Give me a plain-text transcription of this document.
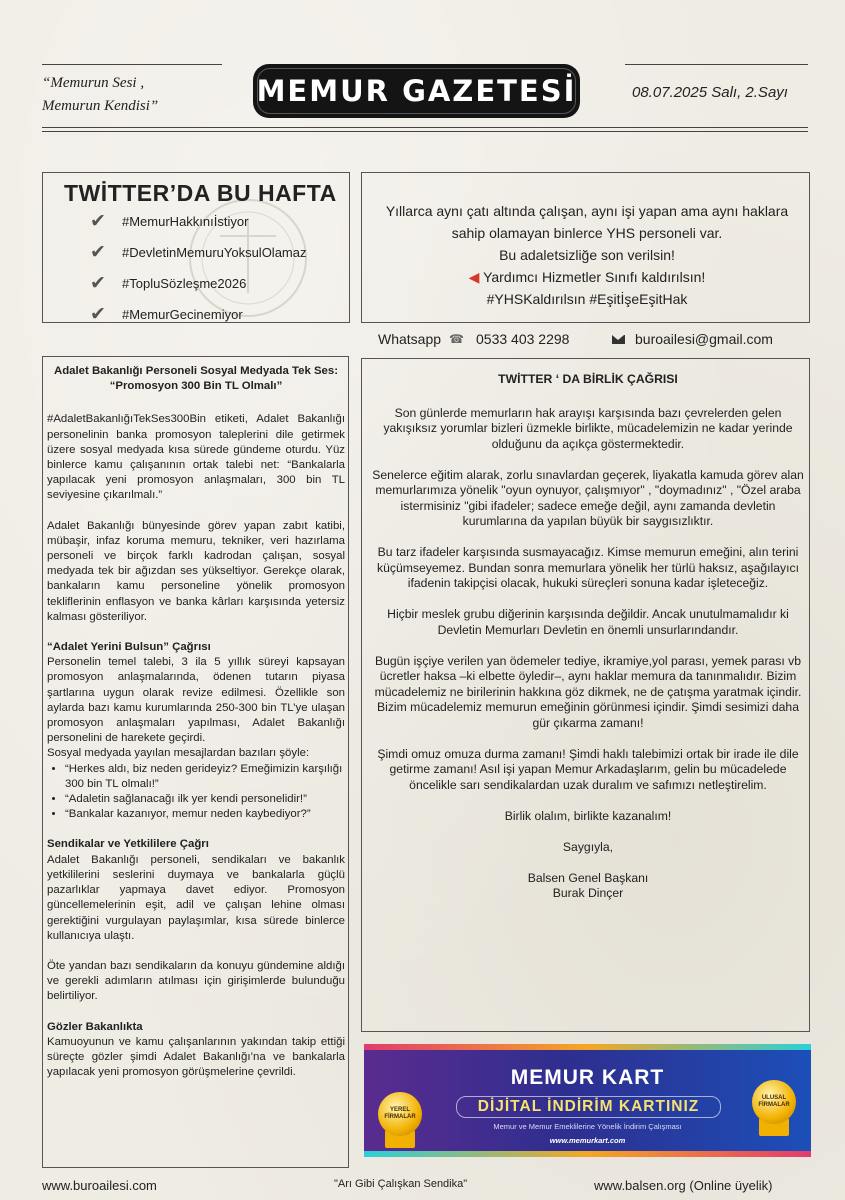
“Memurun Sesi ,
Memurun Kendisi”	MEMUR GAZETESİ	08.07.2025 Salı, 2.Sayı
TWİTTER’DA BU HAFTA
✔	#MemurHakkınıİstiyor
✔	#DevletinMemuruYoksulOlamaz
✔	#TopluSözleşme2026
✔	#MemurGecinemiyor
Yıllarca aynı çatı altında çalışan, aynı işi yapan ama aynı haklara
sahip olamayan binlerce YHS personeli var.
Bu adaletsizliğe son verilsin!
◀ Yardımcı Hizmetler Sınıfı kaldırılsın!
#YHSKaldırılsın #EşitİşeEşitHak
Whatsapp ☎ 0533 403 2298	buroailesi@gmail.com
Adalet Bakanlığı Personeli Sosyal Medyada Tek Ses: “Promosyon 300 Bin TL Olmalı”

#AdaletBakanlığıTekSes300Bin etiketi, Adalet Bakanlığı personelinin banka promosyon taleplerini dile getirmek üzere sosyal medyada kısa sürede gündeme oturdu. Yüz binlerce kamu çalışanının ortak talebi net: “Bankalarla yapılacak yeni promosyon anlaşmaları, 300 bin TL seviyesine çıkarılmalı.”

Adalet Bakanlığı bünyesinde görev yapan zabıt katibi, mübaşir, infaz koruma memuru, tekniker, veri hazırlama personeli ve birçok farklı kadrodan çalışan, sosyal medyada tek bir ağızdan ses yükseltiyor. Gerekçe olarak, bankaların kamu personeline yönelik promosyon tekliflerinin enflasyon ve banka kârları karşısında yetersiz kalması gösteriliyor.

“Adalet Yerini Bulsun” Çağrısı

Personelin temel talebi, 3 ila 5 yıllık süreyi kapsayan promosyon anlaşmalarında, ödenen tutarın piyasa şartlarına uygun olarak revize edilmesi. Özellikle son aylarda bazı kamu kurumlarında 250-300 bin TL’ye ulaşan promosyon anlaşmaları yapılması, Adalet Bakanlığı personelini de harekete geçirdi.

Sosyal medyada yayılan mesajlardan bazıları şöyle:
• “Herkes aldı, biz neden gerideyiz? Emeğimizin karşılığı 300 bin TL olmalı!”
• “Adaletin sağlanacağı ilk yer kendi personelidir!”
• “Bankalar kazanıyor, memur neden kaybediyor?”
Sendikalar ve Yetkililere Çağrı

Adalet Bakanlığı personeli, sendikaları ve bakanlık yetkililerini seslerini duymaya ve bankalarla güçlü pazarlıklar yapmaya davet ediyor. Promosyon güncellemelerinin eşit, adil ve çalışan lehine olması gerektiğini vurgulayan paylaşımlar, kısa sürede binlerce kullanıcıya ulaştı.

Öte yandan bazı sendikaların da konuyu gündemine aldığı ve gerekli adımların atılması için girişimlerde bulunduğu belirtiliyor.

Gözler Bakanlıkta

Kamuoyunun ve kamu çalışanlarının yakından takip ettiği süreçte gözler şimdi Adalet Bakanlığı’na ve bankalarla yapılacak yeni promosyon görüşmelerine çevrildi.

TWİTTER ‘ DA BİRLİK ÇAĞRISI

Son günlerde memurların hak arayışı karşısında bazı çevrelerden gelen yakışıksız yorumlar bizleri üzmekle birlikte, mücadelemizin ne kadar yerinde olduğunu da açıkça göstermektedir.

Senelerce eğitim alarak, zorlu sınavlardan geçerek, liyakatla kamuda görev alan memurlarımıza yönelik "oyun oynuyor, çalışmıyor" , "doymadınız" , "Özel araba istermisiniz "gibi ifadeler; sadece emeğe değil, aynı zamanda devletin kurumlarına da yapılan büyük bir saygısızlıktır.

Bu tarz ifadeler karşısında susmayacağız. Kimse memurun emeğini, alın terini küçümseyemez. Bundan sonra memurlara yönelik her türlü haksız, aşağılayıcı ifadenin takipçisi olacak, hukuki süreçleri sonuna kadar işleteceğiz.

Hiçbir meslek grubu diğerinin karşısında değildir. Ancak unutulmamalıdır ki Devletin Memurları Devletin en önemli unsurlarındandır.

Bugün işçiye verilen yan ödemeler tediye, ikramiye,yol parası, yemek parası vb ücretler haksa –ki elbette öyledir–, aynı haklar memura da tanınmalıdır. Bizim mücadelemiz ne birilerinin hakkına göz dikmek, ne de çatışma yaratmak içindir. Bizim mücadelemiz memurun emeğinin görünmesi içindir. Şimdi sesimizi daha gür çıkarma zamanı!

Şimdi omuz omuza durma zamanı! Şimdi haklı talebimizi ortak bir irade ile dile getirme zamanı! Asıl işi yapan Memur Arkadaşlarım, gelin bu mücadelede öncelikle sarı sendikalardan uzak duralım ve safımızı netleştirelim.

Birlik olalım, birlikte kazanalım!

Saygıyla,

Balsen Genel Başkanı
Burak Dinçer
YEREL FİRMALAR
ULUSAL FİRMALAR
MEMUR KART
DİJİTAL İNDİRİM KARTINIZ
Memur ve Memur Emeklilerine Yönelik İndirim Çalışması
www.memurkart.com
www.buroailesi.com	"Arı Gibi Çalışkan Sendika"	www.balsen.org (Online üyelik)
